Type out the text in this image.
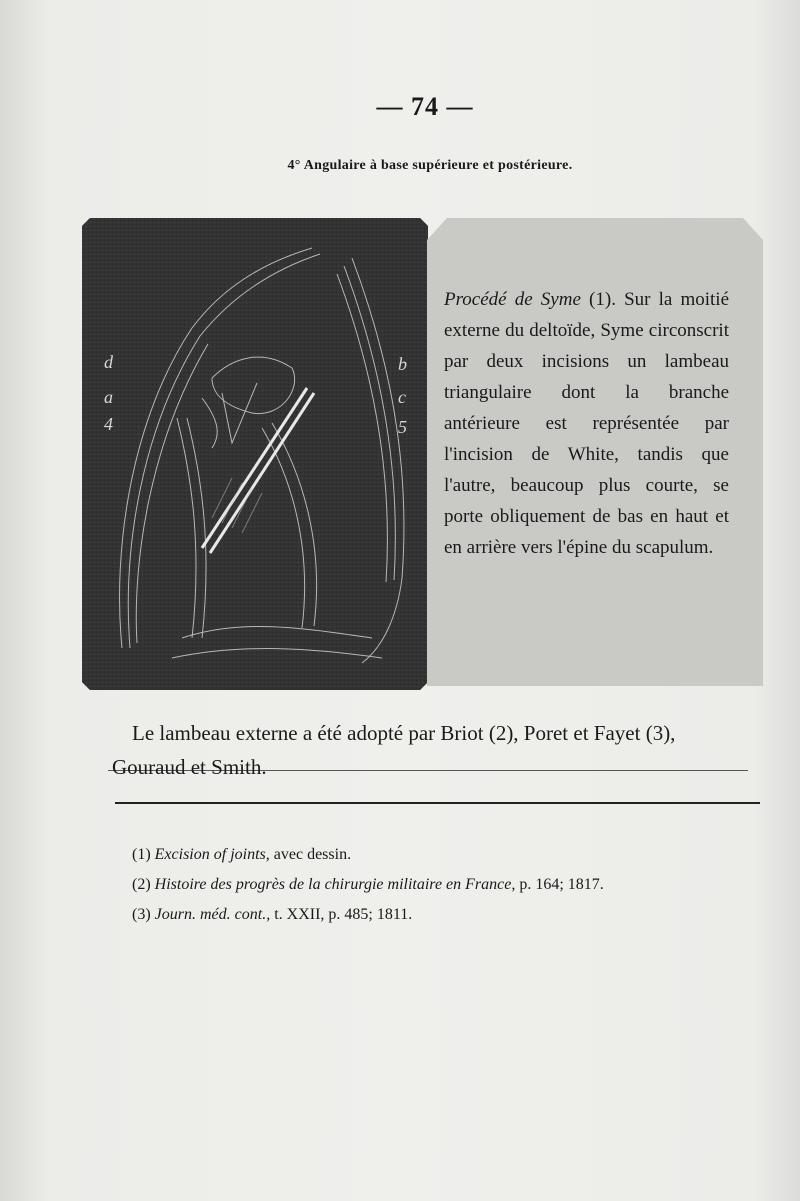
— 74 —
4° Angulaire à base supérieure et postérieure.
d
a
4
b
c
5
Procédé de Syme (1). Sur la moitié externe du deltoïde, Syme circonscrit par deux incisions un lambeau triangulaire dont la branche antérieure est représentée par l'incision de White, tandis que l'autre, beaucoup plus courte, se porte obliquement de bas en haut et en arrière vers l'épine du scapulum.
Le lambeau externe a été adopté par Briot (2), Poret et Fayet (3),
Gouraud et Smith.
(1) Excision of joints, avec dessin.
(2) Histoire des progrès de la chirurgie militaire en France, p. 164; 1817.
(3) Journ. méd. cont., t. XXII, p. 485; 1811.
